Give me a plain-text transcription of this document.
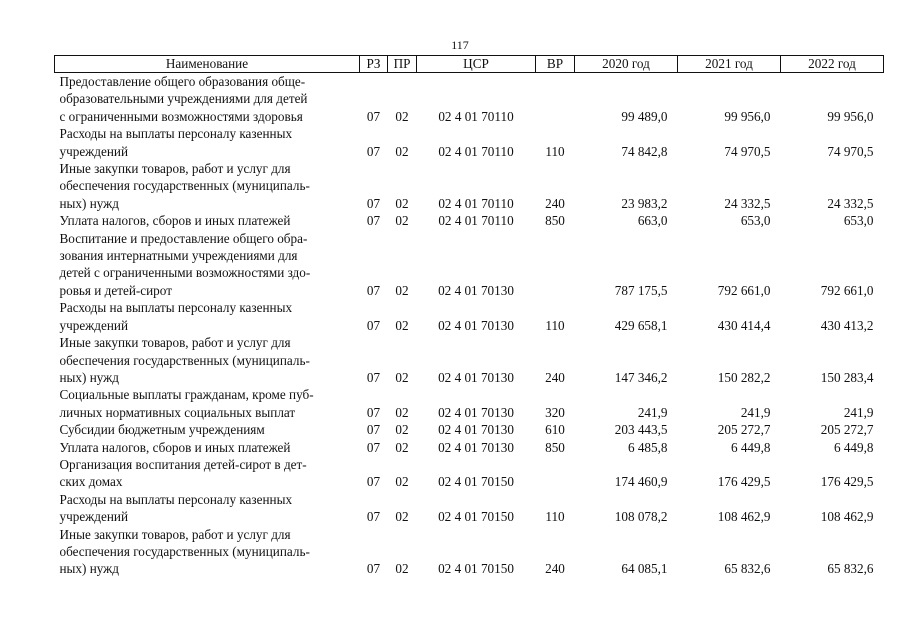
117
Наименование	РЗ	ПР	ЦСР	ВР	2020 год	2021 год	2022 год

Предоставление общего образования обще-
образовательными учреждениями для детей
с ограниченными возможностями здоровья	07	02	02 4 01 70110		99 489,0	99 956,0	99 956,0

Расходы на выплаты персоналу казенных
учреждений	07	02	02 4 01 70110	110	74 842,8	74 970,5	74 970,5

Иные закупки товаров, работ и услуг для
обеспечения государственных (муниципаль-
ных) нужд	07	02	02 4 01 70110	240	23 983,2	24 332,5	24 332,5

Уплата налогов, сборов и иных платежей	07	02	02 4 01 70110	850	663,0	653,0	653,0

Воспитание и предоставление общего обра-
зования интернатными учреждениями для
детей с ограниченными возможностями здо-
ровья и детей-сирот	07	02	02 4 01 70130		787 175,5	792 661,0	792 661,0

Расходы на выплаты персоналу казенных
учреждений	07	02	02 4 01 70130	110	429 658,1	430 414,4	430 413,2

Иные закупки товаров, работ и услуг для
обеспечения государственных (муниципаль-
ных) нужд	07	02	02 4 01 70130	240	147 346,2	150 282,2	150 283,4

Социальные выплаты гражданам, кроме пуб-
личных нормативных социальных выплат	07	02	02 4 01 70130	320	241,9	241,9	241,9

Субсидии бюджетным учреждениям	07	02	02 4 01 70130	610	203 443,5	205 272,7	205 272,7

Уплата налогов, сборов и иных платежей	07	02	02 4 01 70130	850	6 485,8	6 449,8	6 449,8

Организация воспитания детей-сирот в дет-
ских домах	07	02	02 4 01 70150		174 460,9	176 429,5	176 429,5

Расходы на выплаты персоналу казенных
учреждений	07	02	02 4 01 70150	110	108 078,2	108 462,9	108 462,9

Иные закупки товаров, работ и услуг для
обеспечения государственных (муниципаль-
ных) нужд	07	02	02 4 01 70150	240	64 085,1	65 832,6	65 832,6
